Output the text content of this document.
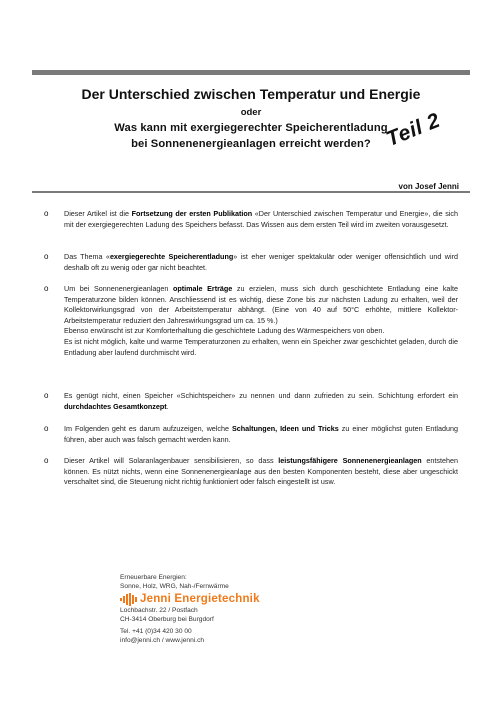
Der Unterschied zwischen Temperatur und Energie
oder
Was kann mit exergiegerechter Speicherentladung
bei Sonnenenergieanlagen erreicht werden? Teil 2
von Josef Jenni
o Dieser Artikel ist die Fortsetzung der ersten Publikation «Der Unterschied zwischen Temperatur und Energie», die sich mit der exergiegerechten Ladung des Speichers befasst. Das Wissen aus dem ersten Teil wird im zweiten vorausgesetzt.
o Das Thema «exergiegerechte Speicherentladung» ist eher weniger spektakulär oder weniger offensichtlich und wird deshalb oft zu wenig oder gar nicht beachtet.
o Um bei Sonnenenergieanlagen optimale Erträge zu erzielen, muss sich durch geschichtete Entladung eine kalte Temperaturzone bilden können. Anschliessend ist es wichtig, diese Zone bis zur nächsten Ladung zu erhalten, weil der Kollektorwirkungsgrad von der Arbeitstemperatur abhängt. (Eine von 40 auf 50°C erhöhte, mittlere Kollektor-Arbeitstemperatur reduziert den Jahreswirkungsgrad um ca. 15 %.)
Ebenso erwünscht ist zur Komforterhaltung die geschichtete Ladung des Wärmespeichers von oben.
Es ist nicht möglich, kalte und warme Temperaturzonen zu erhalten, wenn ein Speicher zwar geschichtet geladen, durch die Entladung aber laufend durchmischt wird.
o Es genügt nicht, einen Speicher «Schichtspeicher» zu nennen und dann zufrieden zu sein. Schichtung erfordert ein durchdachtes Gesamtkonzept.
o Im Folgenden geht es darum aufzuzeigen, welche Schaltungen, Ideen und Tricks zu einer möglichst guten Entladung führen, aber auch was falsch gemacht werden kann.
o Dieser Artikel will Solaranlagenbauer sensibilisieren, so dass leistungsfähigere Sonnenenergieanlagen entstehen können. Es nützt nichts, wenn eine Sonnenenergieanlage aus den besten Komponenten besteht, diese aber ungeschickt verschaltet sind, die Steuerung nicht richtig funktioniert oder falsch eingestellt ist usw.
Erneuerbare Energien:
Sonne, Holz, WRG, Nah-/Fernwärme
Jenni Energietechnik
Lochbachstr. 22 / Postfach
CH-3414 Oberburg bei Burgdorf
Tel. +41 (0)34 420 30 00
info@jenni.ch / www.jenni.ch
